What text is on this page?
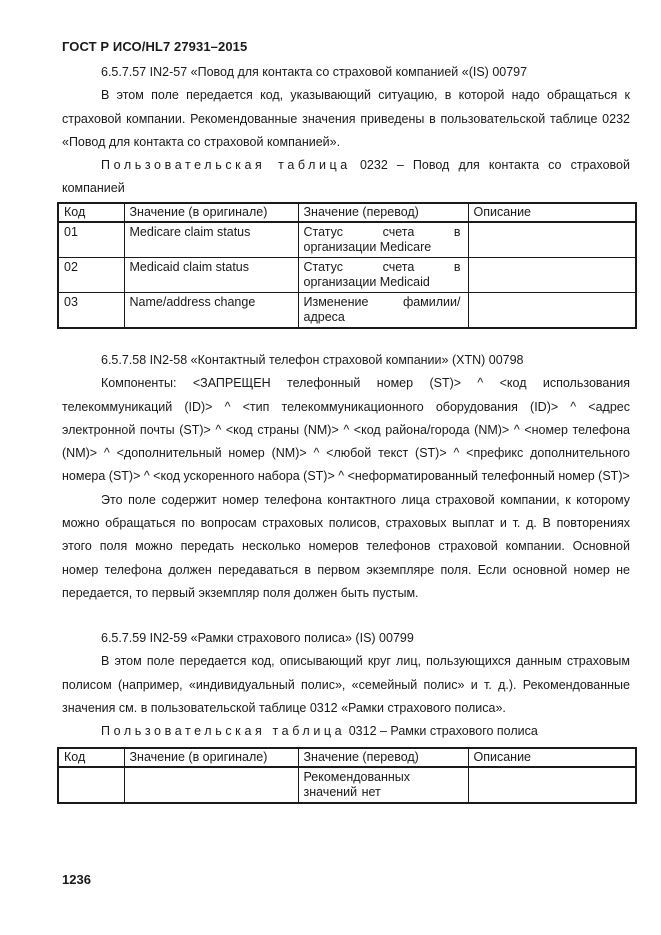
ГОСТ Р ИСО/HL7 27931–2015

6.5.7.57 IN2-57 «Повод для контакта со страховой компанией «(IS) 00797

В этом поле передается код, указывающий ситуацию, в которой надо обращаться к страховой компании. Рекомендованные значения приведены в пользовательской таблице 0232 «Повод для контакта со страховой компанией».

Пользовательская таблица 0232 – Повод для контакта со страховой компанией

Код	Значение (в оригинале)	Значение (перевод)	Описание
01	Medicare claim status	Статус счета в организации Medicare	
02	Medicaid claim status	Статус счета в организации Medicaid	
03	Name/address change	Изменение фамилии/адреса	

6.5.7.58 IN2-58 «Контактный телефон страховой компании» (XTN) 00798

Компоненты: <ЗАПРЕЩЕН телефонный номер (ST)> ^ <код использования телекоммуникаций (ID)> ^ <тип телекоммуникационного оборудования (ID)> ^ <адрес электронной почты (ST)> ^ <код страны (NM)> ^ <код района/города (NM)> ^ <номер телефона (NM)> ^ <дополнительный номер (NM)> ^ <любой текст (ST)> ^ <префикс дополнительного номера (ST)> ^ <код ускоренного набора (ST)> ^ <неформатированный телефонный номер (ST)>

Это поле содержит номер телефона контактного лица страховой компании, к которому можно обращаться по вопросам страховых полисов, страховых выплат и т. д. В повторениях этого поля можно передать несколько номеров телефонов страховой компании. Основной номер телефона должен передаваться в первом экземпляре поля. Если основной номер не передается, то первый экземпляр поля должен быть пустым.

6.5.7.59 IN2-59 «Рамки страхового полиса» (IS) 00799

В этом поле передается код, описывающий круг лиц, пользующихся данным страховым полисом (например, «индивидуальный полис», «семейный полис» и т. д.). Рекомендованные значения см. в пользовательской таблице 0312 «Рамки страхового полиса».

Пользовательская таблица 0312 – Рамки страхового полиса

Код	Значение (в оригинале)	Значение (перевод)	Описание
		Рекомендованных значений нет	
1236
